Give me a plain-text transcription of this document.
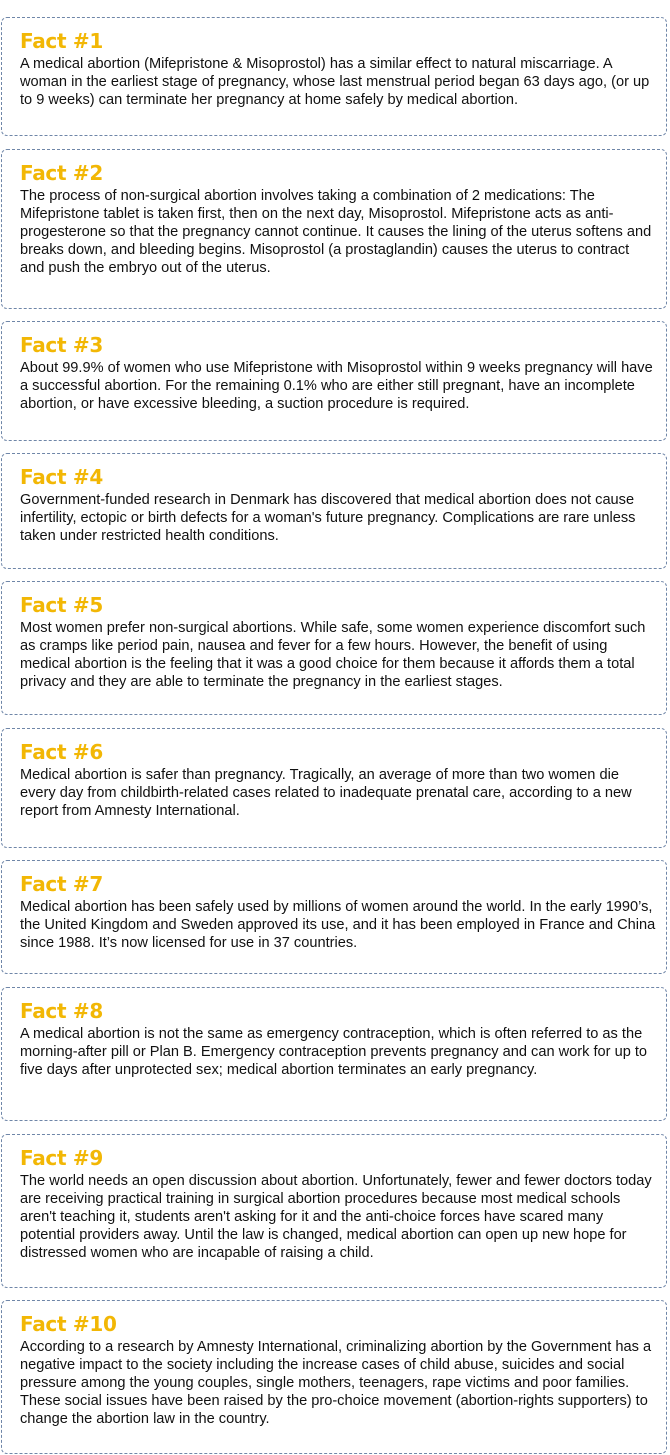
Fact #1

A medical abortion (Mifepristone & Misoprostol) has a similar effect to natural miscarriage. A woman in the earliest stage of pregnancy, whose last menstrual period began 63 days ago, (or up to 9 weeks) can terminate her pregnancy at home safely by medical abortion.

Fact #2

The process of non-surgical abortion involves taking a combination of 2 medications: The Mifepristone tablet is taken first, then on the next day, Misoprostol. Mifepristone acts as anti-progesterone so that the pregnancy cannot continue. It causes the lining of the uterus softens and breaks down, and bleeding begins. Misoprostol (a prostaglandin) causes the uterus to contract and push the embryo out of the uterus.

Fact #3

About 99.9% of women who use Mifepristone with Misoprostol within 9 weeks pregnancy will have a successful abortion. For the remaining 0.1% who are either still pregnant, have an incomplete abortion, or have excessive bleeding, a suction procedure is required.

Fact #4

Government-funded research in Denmark has discovered that medical abortion does not cause infertility, ectopic or birth defects for a woman's future pregnancy. Complications are rare unless taken under restricted health conditions.

Fact #5

Most women prefer non-surgical abortions. While safe, some women experience discomfort such as cramps like period pain, nausea and fever for a few hours. However, the benefit of using medical abortion is the feeling that it was a good choice for them because it affords them a total privacy and they are able to terminate the pregnancy in the earliest stages.

Fact #6

Medical abortion is safer than pregnancy. Tragically, an average of more than two women die every day from childbirth-related cases related to inadequate prenatal care, according to a new report from Amnesty International.

Fact #7

Medical abortion has been safely used by millions of women around the world. In the early 1990’s, the United Kingdom and Sweden approved its use, and it has been employed in France and China since 1988. It’s now licensed for use in 37 countries.

Fact #8

A medical abortion is not the same as emergency contraception, which is often referred to as the morning-after pill or Plan B. Emergency contraception prevents pregnancy and can work for up to five days after unprotected sex; medical abortion terminates an early pregnancy.

Fact #9

The world needs an open discussion about abortion. Unfortunately, fewer and fewer doctors today are receiving practical training in surgical abortion procedures because most medical schools aren't teaching it, students aren't asking for it and the anti-choice forces have scared many potential providers away. Until the law is changed, medical abortion can open up new hope for distressed women who are incapable of raising a child.

Fact #10

According to a research by Amnesty International, criminalizing abortion by the Government has a negative impact to the society including the increase cases of child abuse, suicides and social pressure among the young couples, single mothers, teenagers, rape victims and poor families. These social issues have been raised by the pro-choice movement (abortion-rights supporters) to change the abortion law in the country.
